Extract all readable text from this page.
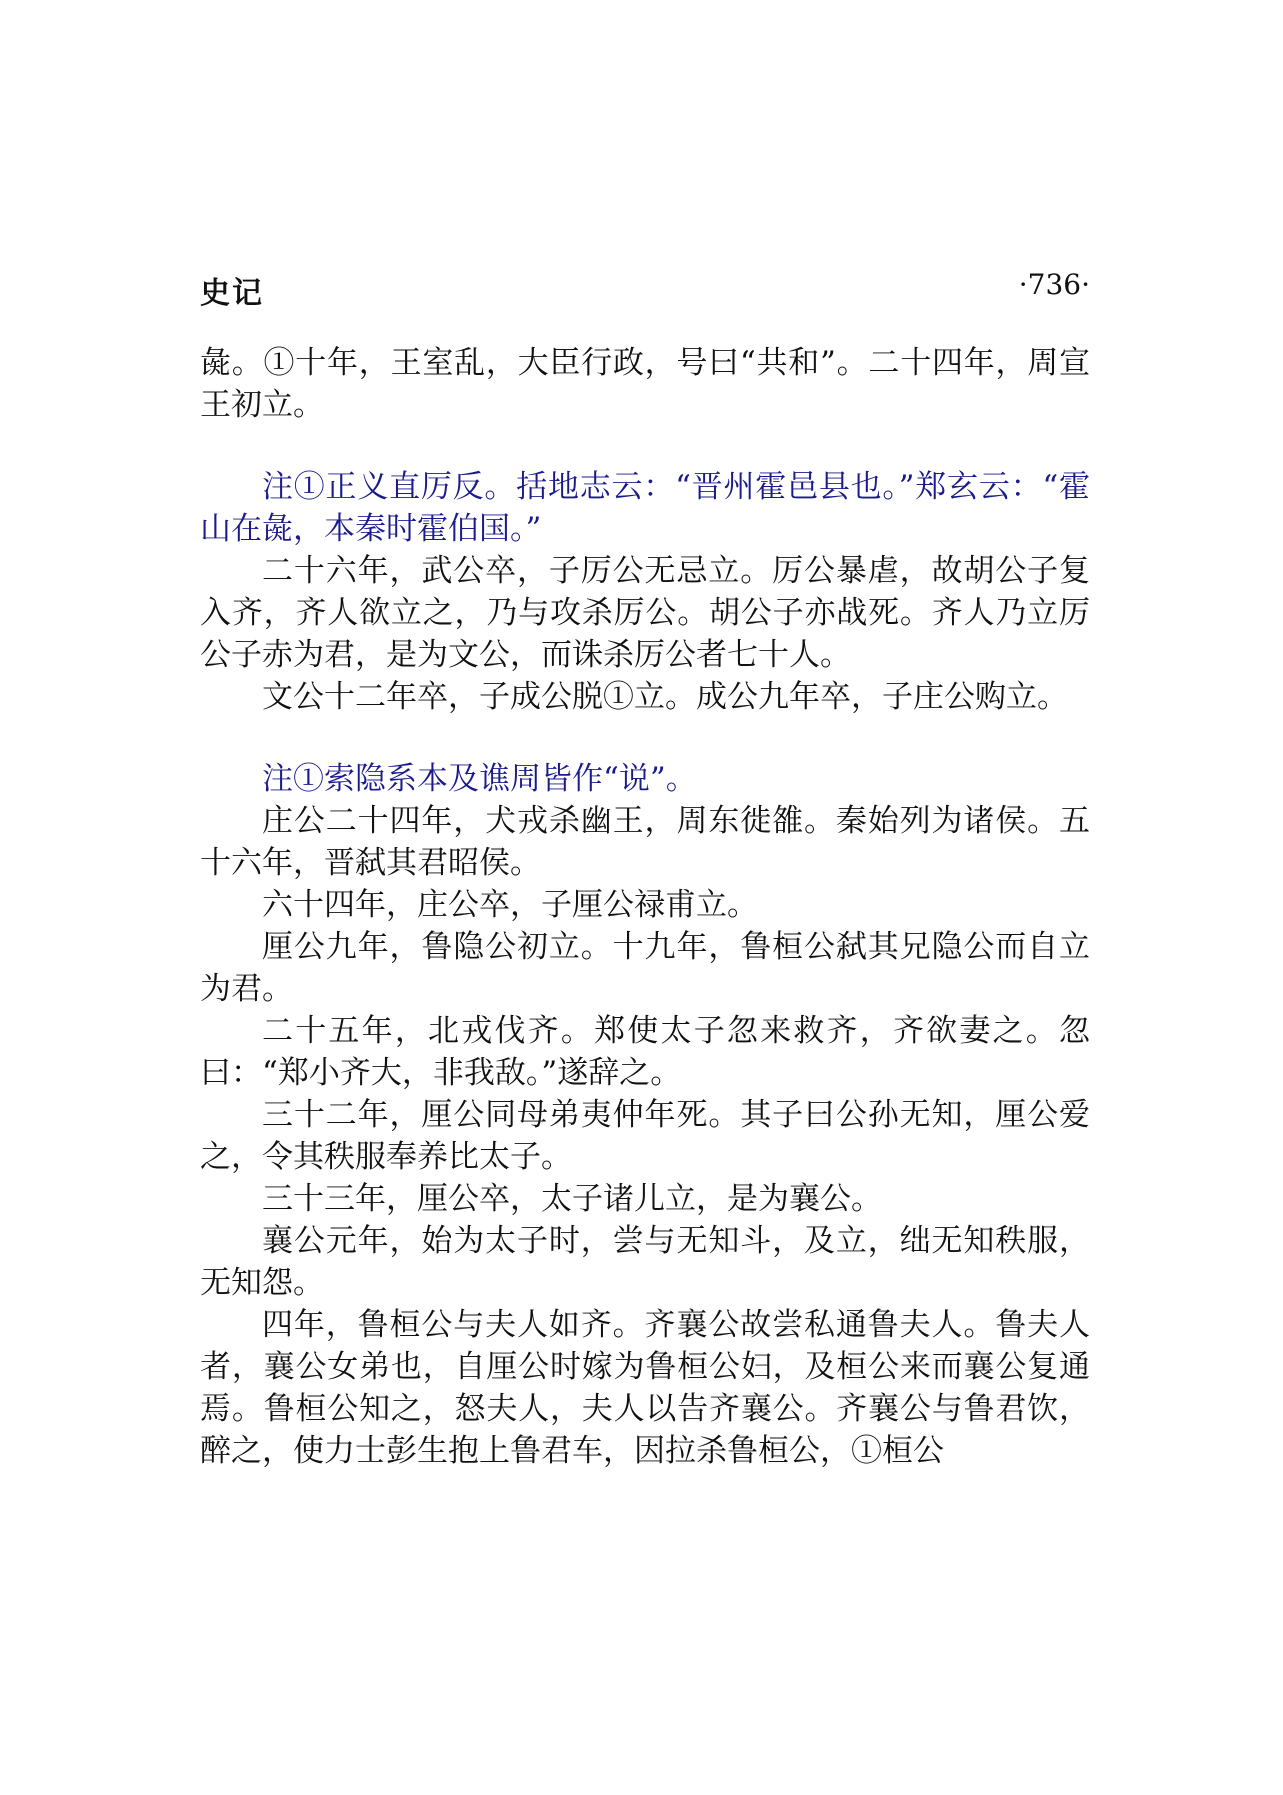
史记	·736·

彘。①十年，王室乱，大臣行政，号曰“共和”。二十四年，周宣王初立。

注①正义直厉反。括地志云：“晋州霍邑县也。”郑玄云：“霍山在彘，本秦时霍伯国。”

二十六年，武公卒，子厉公无忌立。厉公暴虐，故胡公子复入齐，齐人欲立之，乃与攻杀厉公。胡公子亦战死。齐人乃立厉公子赤为君，是为文公，而诛杀厉公者七十人。

文公十二年卒，子成公脱①立。成公九年卒，子庄公购立。

注①索隐系本及谯周皆作“说”。

庄公二十四年，犬戎杀幽王，周东徙雒。秦始列为诸侯。五十六年，晋弑其君昭侯。

六十四年，庄公卒，子厘公禄甫立。

厘公九年，鲁隐公初立。十九年，鲁桓公弑其兄隐公而自立为君。

二十五年，北戎伐齐。郑使太子忽来救齐，齐欲妻之。忽曰：“郑小齐大，非我敌。”遂辞之。

三十二年，厘公同母弟夷仲年死。其子曰公孙无知，厘公爱之，令其秩服奉养比太子。

三十三年，厘公卒，太子诸儿立，是为襄公。

襄公元年，始为太子时，尝与无知斗，及立，绌无知秩服，无知怨。

四年，鲁桓公与夫人如齐。齐襄公故尝私通鲁夫人。鲁夫人者，襄公女弟也，自厘公时嫁为鲁桓公妇，及桓公来而襄公复通焉。鲁桓公知之，怒夫人，夫人以告齐襄公。齐襄公与鲁君饮，醉之，使力士彭生抱上鲁君车，因拉杀鲁桓公，①桓公
